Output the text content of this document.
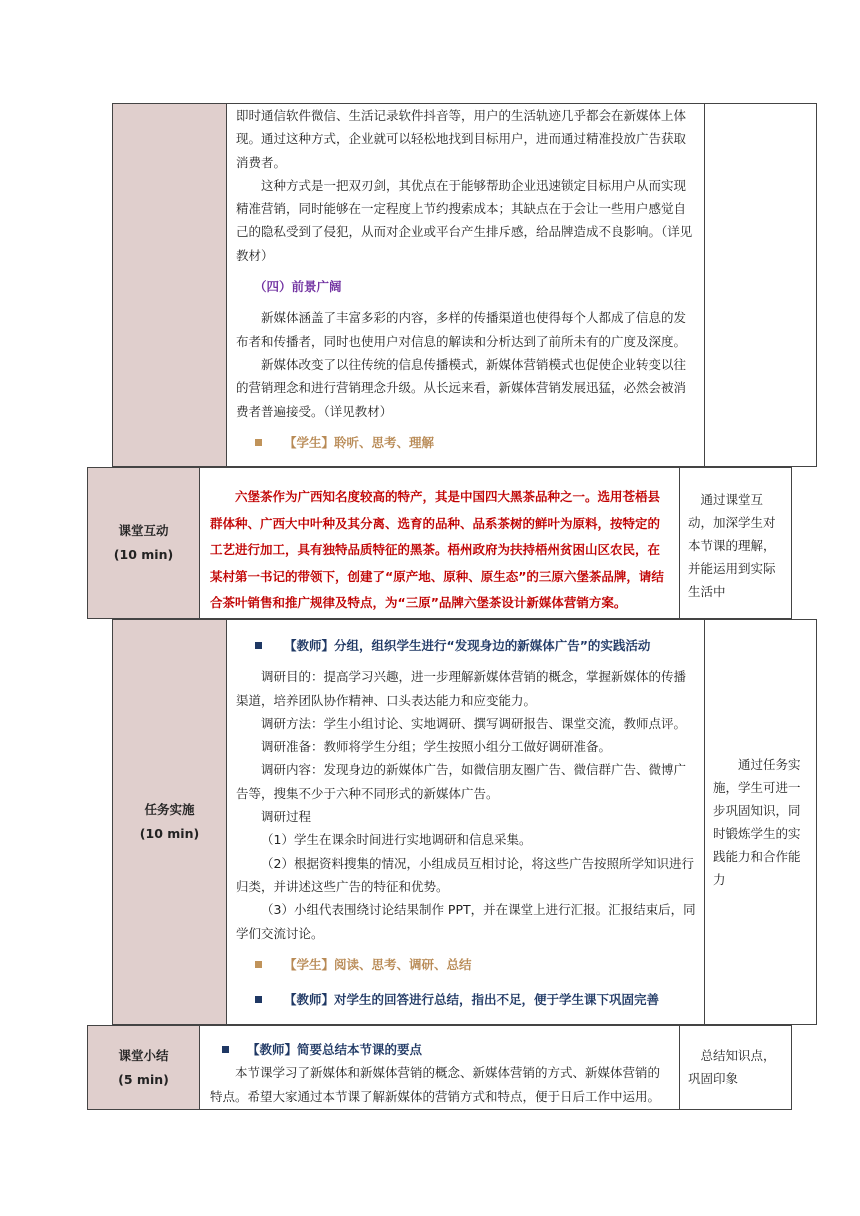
即时通信软件微信、生活记录软件抖音等，用户的生活轨迹几乎都会在新媒体上体现。通过这种方式，企业就可以轻松地找到目标用户，进而通过精准投放广告获取消费者。

这种方式是一把双刃剑，其优点在于能够帮助企业迅速锁定目标用户从而实现精准营销，同时能够在一定程度上节约搜索成本；其缺点在于会让一些用户感觉自己的隐私受到了侵犯，从而对企业或平台产生排斥感，给品牌造成不良影响。（详见教材）

（四）前景广阔

新媒体涵盖了丰富多彩的内容，多样的传播渠道也使得每个人都成了信息的发布者和传播者，同时也使用户对信息的解读和分析达到了前所未有的广度及深度。

新媒体改变了以往传统的信息传播模式，新媒体营销模式也促使企业转变以往的营销理念和进行营销理念升级。从长远来看，新媒体营销发展迅猛，必然会被消费者普遍接受。（详见教材）

【学生】聆听、思考、理解
课堂互动
(10 min)

六堡茶作为广西知名度较高的特产，其是中国四大黑茶品种之一。选用苍梧县群体种、广西大中叶种及其分离、选育的品种、品系茶树的鲜叶为原料，按特定的工艺进行加工，具有独特品质特征的黑茶。梧州政府为扶持梧州贫困山区农民，在某村第一书记的带领下，创建了“原产地、原种、原生态”的三原六堡茶品牌，请结合茶叶销售和推广规律及特点，为“三原”品牌六堡茶设计新媒体营销方案。

通过课堂互动，加深学生对本节课的理解，并能运用到实际生活中

任务实施
(10 min)
【教师】分组，组织学生进行“发现身边的新媒体广告”的实践活动

调研目的：提高学习兴趣，进一步理解新媒体营销的概念，掌握新媒体的传播渠道，培养团队协作精神、口头表达能力和应变能力。

调研方法：学生小组讨论、实地调研、撰写调研报告、课堂交流，教师点评。

调研准备：教师将学生分组；学生按照小组分工做好调研准备。

调研内容：发现身边的新媒体广告，如微信朋友圈广告、微信群广告、微博广告等，搜集不少于六种不同形式的新媒体广告。

调研过程

（1）学生在课余时间进行实地调研和信息采集。

（2）根据资料搜集的情况，小组成员互相讨论，将这些广告按照所学知识进行归类，并讲述这些广告的特征和优势。

（3）小组代表围绕讨论结果制作 PPT，并在课堂上进行汇报。汇报结束后，同学们交流讨论。

【学生】阅读、思考、调研、总结
【教师】对学生的回答进行总结，指出不足，便于学生课下巩固完善

通过任务实施，学生可进一步巩固知识，同时锻炼学生的实践能力和合作能力

课堂小结
(5 min)
【教师】简要总结本节课的要点

本节课学习了新媒体和新媒体营销的概念、新媒体营销的方式、新媒体营销的特点。希望大家通过本节课了解新媒体的营销方式和特点，便于日后工作中运用。

总结知识点，巩固印象
